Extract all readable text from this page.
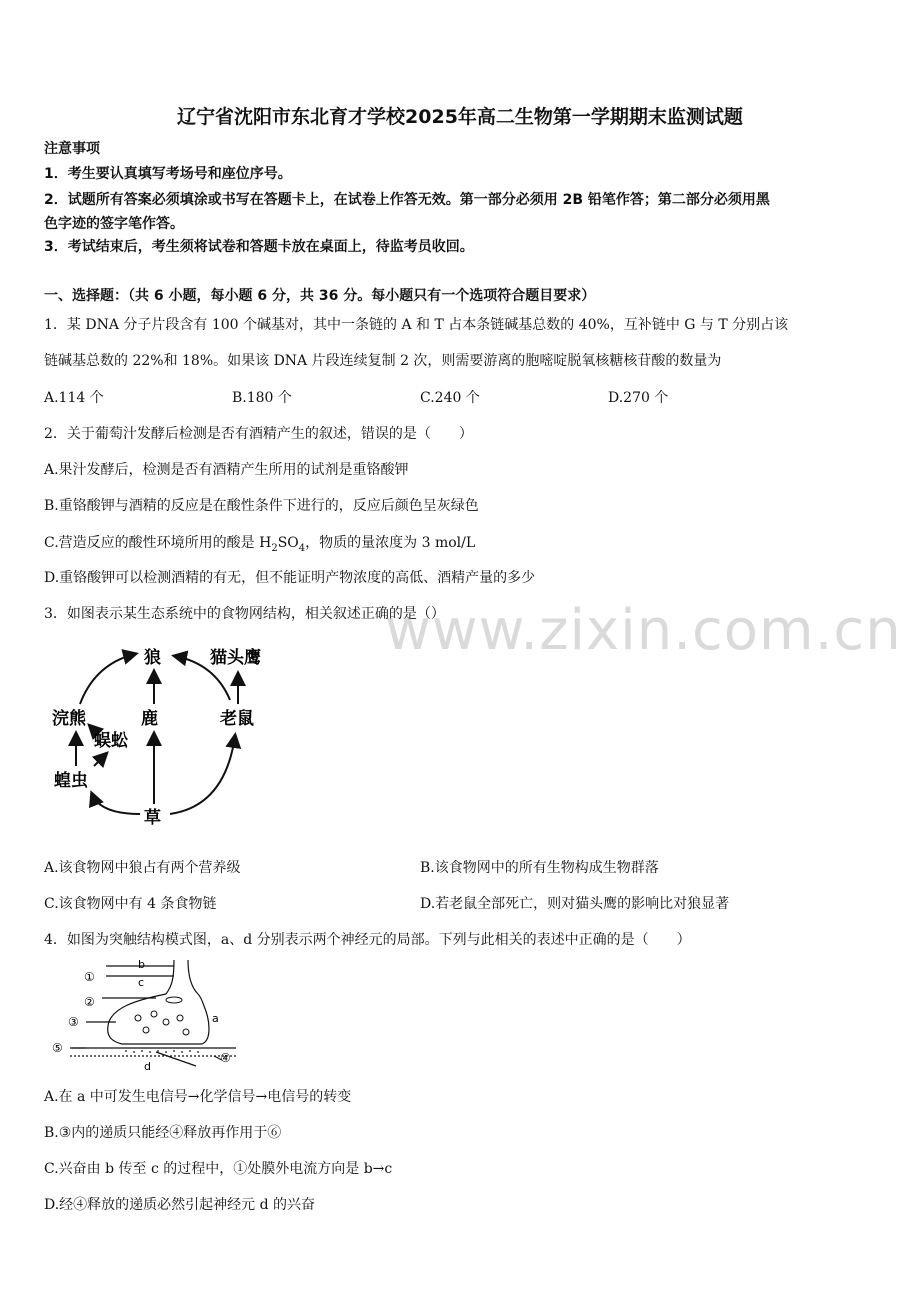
辽宁省沈阳市东北育才学校2025年高二生物第一学期期末监测试题
注意事项
1．考生要认真填写考场号和座位序号。
2．试题所有答案必须填涂或书写在答题卡上，在试卷上作答无效。第一部分必须用 2B 铅笔作答；第二部分必须用黑
色字迹的签字笔作答。
3．考试结束后，考生须将试卷和答题卡放在桌面上，待监考员收回。
一、选择题：（共 6 小题，每小题 6 分，共 36 分。每小题只有一个选项符合题目要求）
1．某 DNA 分子片段含有 100 个碱基对，其中一条链的 A 和 T 占本条链碱基总数的 40%，互补链中 G 与 T 分别占该
链碱基总数的 22%和 18%。如果该 DNA 片段连续复制 2 次，则需要游离的胞嘧啶脱氧核糖核苷酸的数量为
A.114 个	B.180 个	C.240 个	D.270 个
2．关于葡萄汁发酵后检测是否有酒精产生的叙述，错误的是（　　）
A.果汁发酵后，检测是否有酒精产生所用的试剂是重铬酸钾
B.重铬酸钾与酒精的反应是在酸性条件下进行的，反应后颜色呈灰绿色
C.营造反应的酸性环境所用的酸是 $H_2SO_4$，物质的量浓度为 3 mol/L
D.重铬酸钾可以检测酒精的有无，但不能证明产物浓度的高低、酒精产量的多少
3．如图表示某生态系统中的食物网结构，相关叙述正确的是（）
狼	猫头鹰
浣熊	鹿	老鼠
蜈蚣
蝗虫
草
A.该食物网中狼占有两个营养级	B.该食物网中的所有生物构成生物群落
C.该食物网中有 4 条食物链	D.若老鼠全部死亡，则对猫头鹰的影响比对狼显著
4．如图为突触结构模式图，a、d 分别表示两个神经元的局部。下列与此相关的表述中正确的是（　　）
①
②
③
④
⑤
b
c
a
d
A.在 a 中可发生电信号→化学信号→电信号的转变
B.③内的递质只能经④释放再作用于⑥
C.兴奋由 b 传至 c 的过程中，①处膜外电流方向是 b→c
D.经④释放的递质必然引起神经元 d 的兴奋
www.zixin.com.cn
